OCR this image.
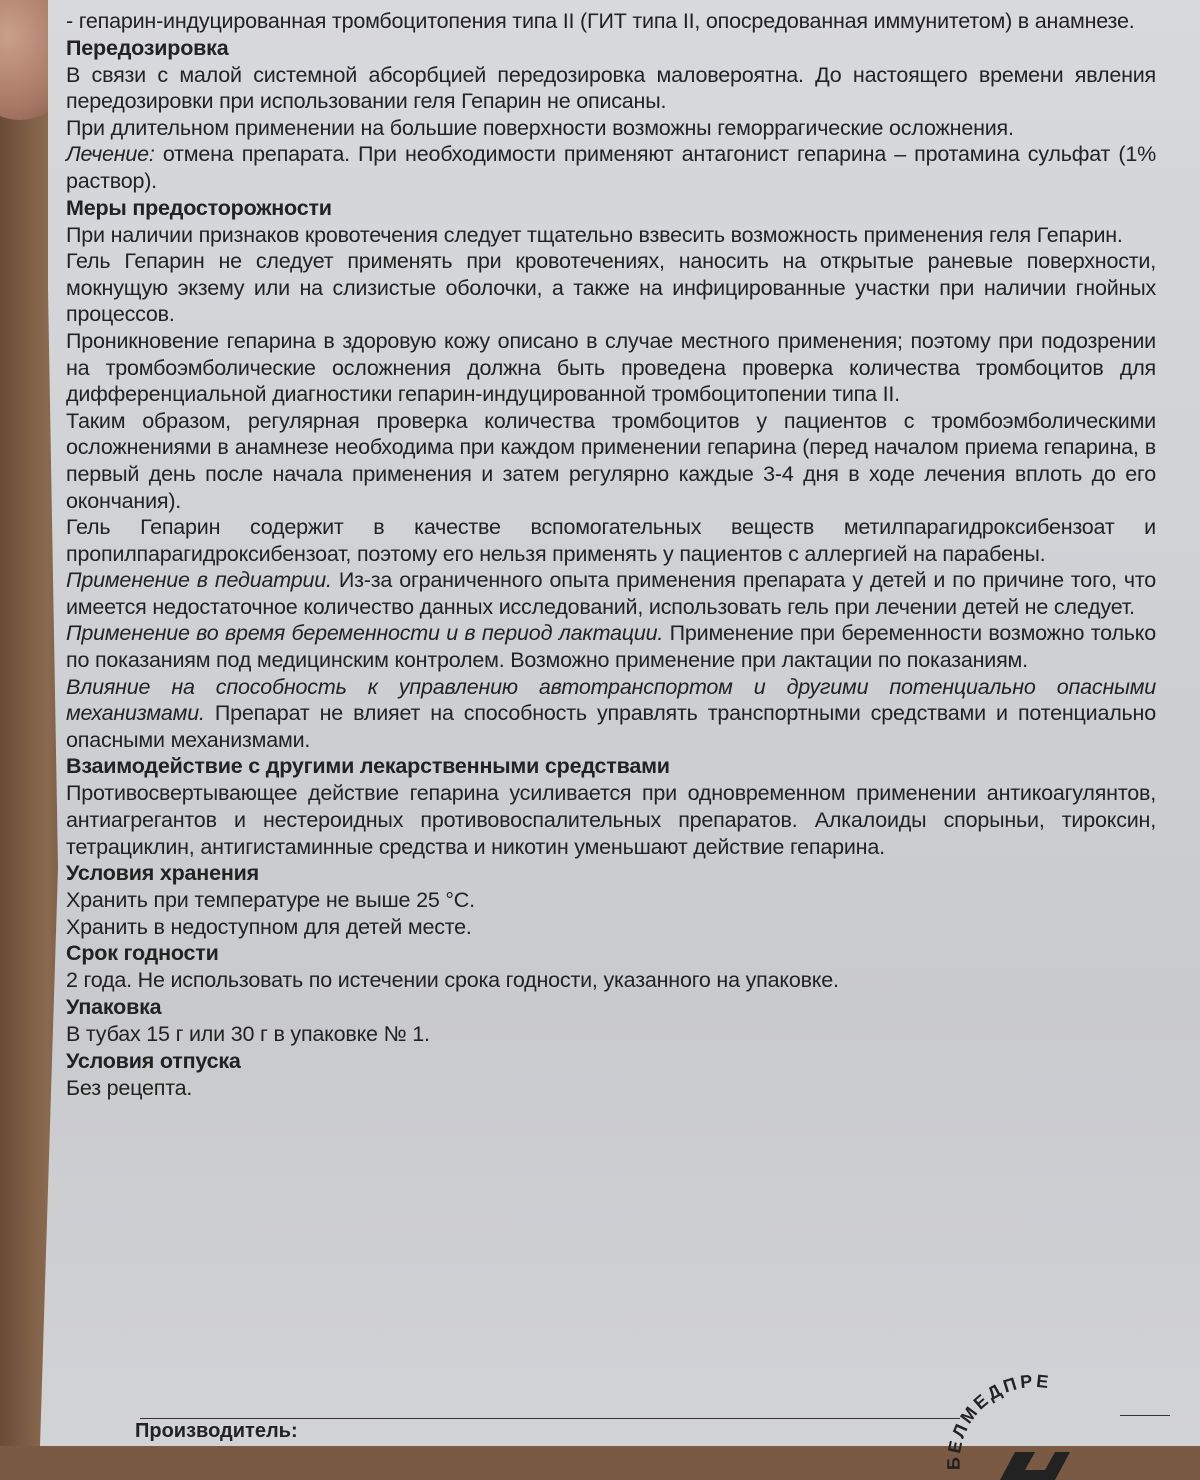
- гепарин-индуцированная тромбоцитопения типа II (ГИТ типа II, опосредованная иммунитетом) в анамнезе.

Передозировка

В связи с малой системной абсорбцией передозировка маловероятна. До настоящего времени явления передозировки при использовании геля Гепарин не описаны.

При длительном применении на большие поверхности возможны геморрагические осложнения.

Лечение: отмена препарата. При необходимости применяют антагонист гепарина – протамина сульфат (1% раствор).

Меры предосторожности

При наличии признаков кровотечения следует тщательно взвесить возможность применения геля Гепарин.

Гель Гепарин не следует применять при кровотечениях, наносить на открытые раневые поверхности, мокнущую экзему или на слизистые оболочки, а также на инфицированные участки при наличии гнойных процессов.

Проникновение гепарина в здоровую кожу описано в случае местного применения; поэтому при подозрении на тромбоэмболические осложнения должна быть проведена проверка количества тромбоцитов для дифференциальной диагностики гепарин-индуцированной тромбоцитопении типа II.

Таким образом, регулярная проверка количества тромбоцитов у пациентов с тромбоэмболическими осложнениями в анамнезе необходима при каждом применении гепарина (перед началом приема гепарина, в первый день после начала применения и затем регулярно каждые 3-4 дня в ходе лечения вплоть до его окончания).

Гель Гепарин содержит в качестве вспомогательных веществ метилпарагидроксибензоат и пропилпарагидроксибензоат, поэтому его нельзя применять у пациентов с аллергией на парабены.

Применение в педиатрии. Из-за ограниченного опыта применения препарата у детей и по причине того, что имеется недостаточное количество данных исследований, использовать гель при лечении детей не следует.

Применение во время беременности и в период лактации. Применение при беременности возможно только по показаниям под медицинским контролем. Возможно применение при лактации по показаниям.

Влияние на способность к управлению автотранспортом и другими потенциально опасными механизмами. Препарат не влияет на способность управлять транспортными средствами и потенциально опасными механизмами.

Взаимодействие с другими лекарственными средствами

Противосвертывающее действие гепарина усиливается при одновременном применении антикоагулянтов, антиагрегантов и нестероидных противовоспалительных препаратов. Алкалоиды спорыньи, тироксин, тетрациклин, антигистаминные средства и никотин уменьшают действие гепарина.

Условия хранения

Хранить при температуре не выше 25 °С.

Хранить в недоступном для детей месте.

Срок годности

2 года. Не использовать по истечении срока годности, указанного на упаковке.

Упаковка

В тубах 15 г или 30 г в упаковке № 1.

Условия отпуска

Без рецепта.

Производитель:
БЕЛМЕДПРЕ
